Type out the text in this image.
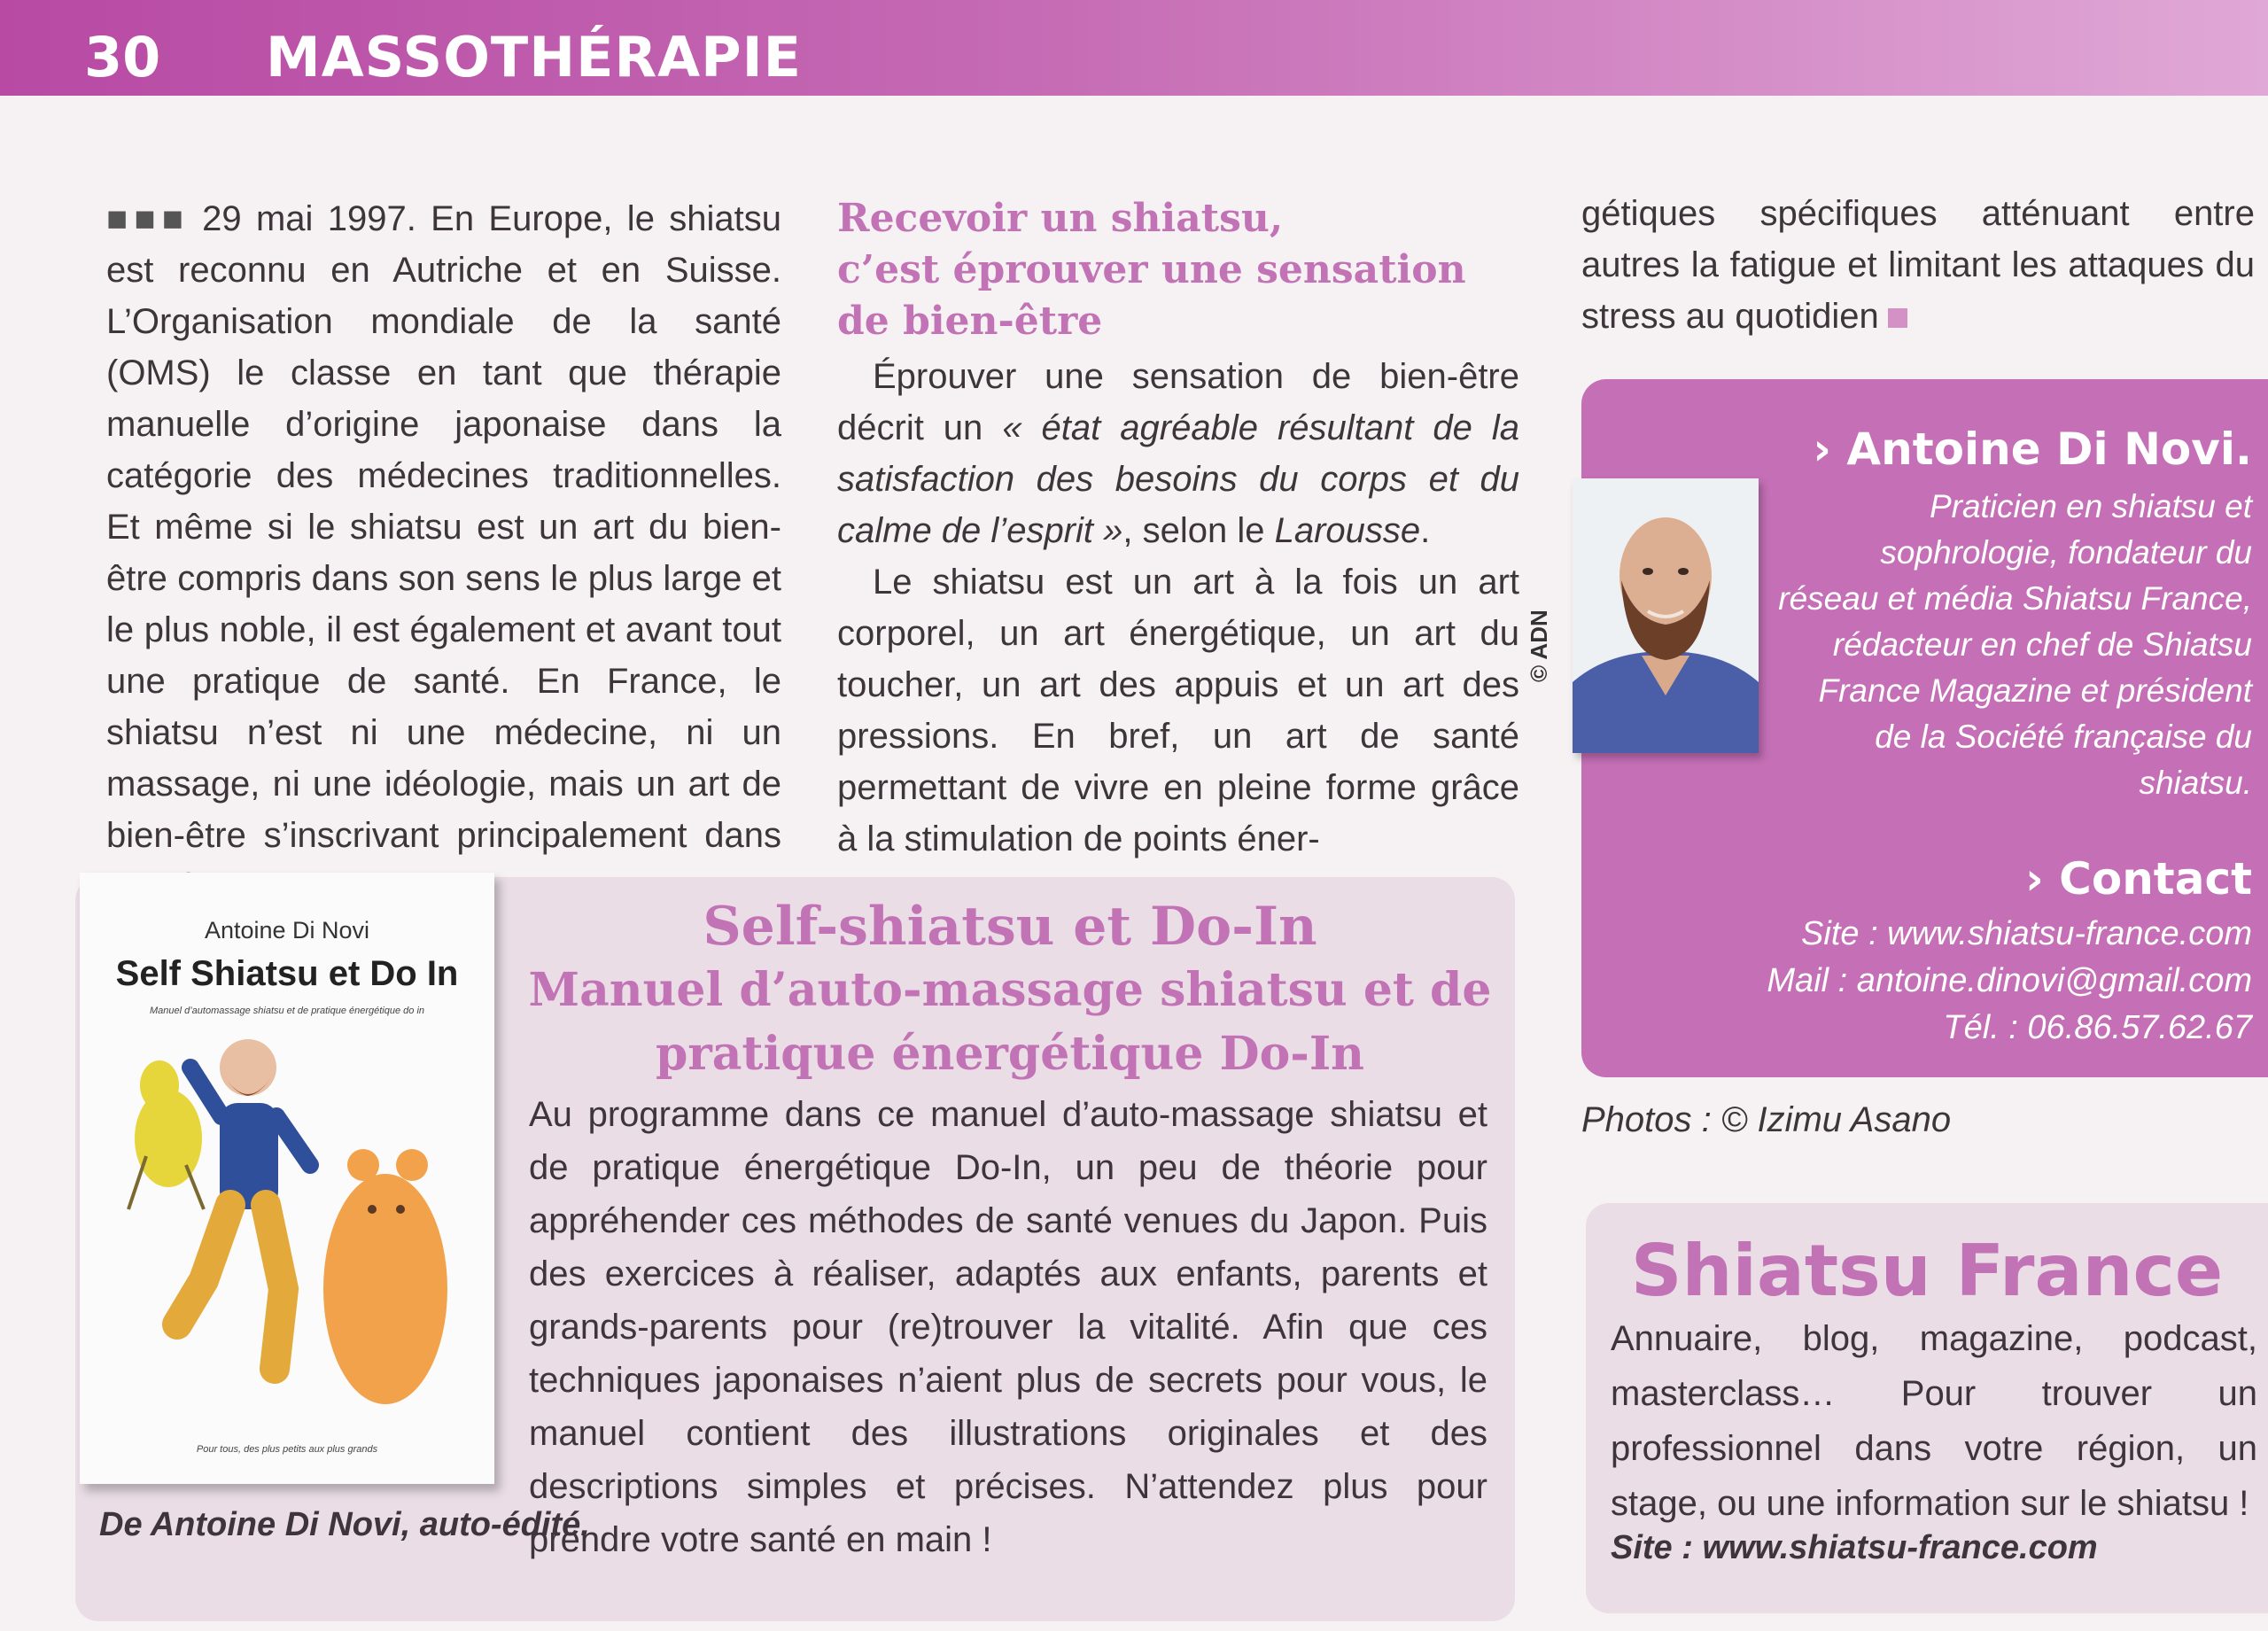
30 MASSOTHÉRAPIE

■■■ 29 mai 1997. En Europe, le shiatsu est reconnu en Autriche et en Suisse. L’Organisation mondiale de la santé (OMS) le classe en tant que thérapie manuelle d’origine japonaise dans la catégorie des médecines traditionnelles. Et même si le shiatsu est un art du bien-être compris dans son sens le plus large et le plus noble, il est également et avant tout une pratique de santé. En France, le shiatsu n’est ni une médecine, ni un massage, ni une idéologie, mais un art de bien-être s’inscrivant principalement dans

Recevoir un shiatsu,
c’est éprouver une sensation
de bien-être

Éprouver une sensation de bien-être décrit un « état agréable résultant de la satisfaction des besoins du corps et du calme de l’esprit », selon le Larousse.

Le shiatsu est un art à la fois un art corporel, un art énergétique, un art du toucher, un art des appuis et un art des pressions. En bref, un art de santé permettant de vivre en pleine forme grâce à la stimulation de points éner-

gétiques spécifiques atténuant entre autres la fatigue et limitant les attaques du stress au quotidien

› Antoine Di Novi.
Praticien en shiatsu et sophrologie, fondateur du réseau et média Shiatsu France, rédacteur en chef de Shiatsu France Magazine et président de la Société française du shiatsu.
› Contact
Site : www.shiatsu-france.com
Mail : antoine.dinovi@gmail.com
Tél. : 06.86.57.62.67
© ADN
Photos : © Izimu Asano
Antoine Di Novi
Self Shiatsu et Do In
Manuel d’automassage shiatsu et de pratique énergétique do in
Pour tous, des plus petits aux plus grands
Self-shiatsu et Do-In
Manuel d’auto-massage shiatsu et de
pratique énergétique Do-In
Au programme dans ce manuel d’auto-massage shiatsu et de pratique énergétique Do-In, un peu de théorie pour appréhender ces méthodes de santé venues du Japon. Puis des exercices à réaliser, adaptés aux enfants, parents et grands-parents pour (re)trouver la vitalité. Afin que ces techniques japonaises n’aient plus de secrets pour vous, le manuel contient des illustrations originales et des descriptions simples et précises. N’attendez plus pour prendre votre santé en main !
De Antoine Di Novi, auto-édité.
Shiatsu France
Annuaire, blog, magazine, podcast, masterclass… Pour trouver un professionnel dans votre région, un stage, ou une information sur le shiatsu !
Site : www.shiatsu-france.com
